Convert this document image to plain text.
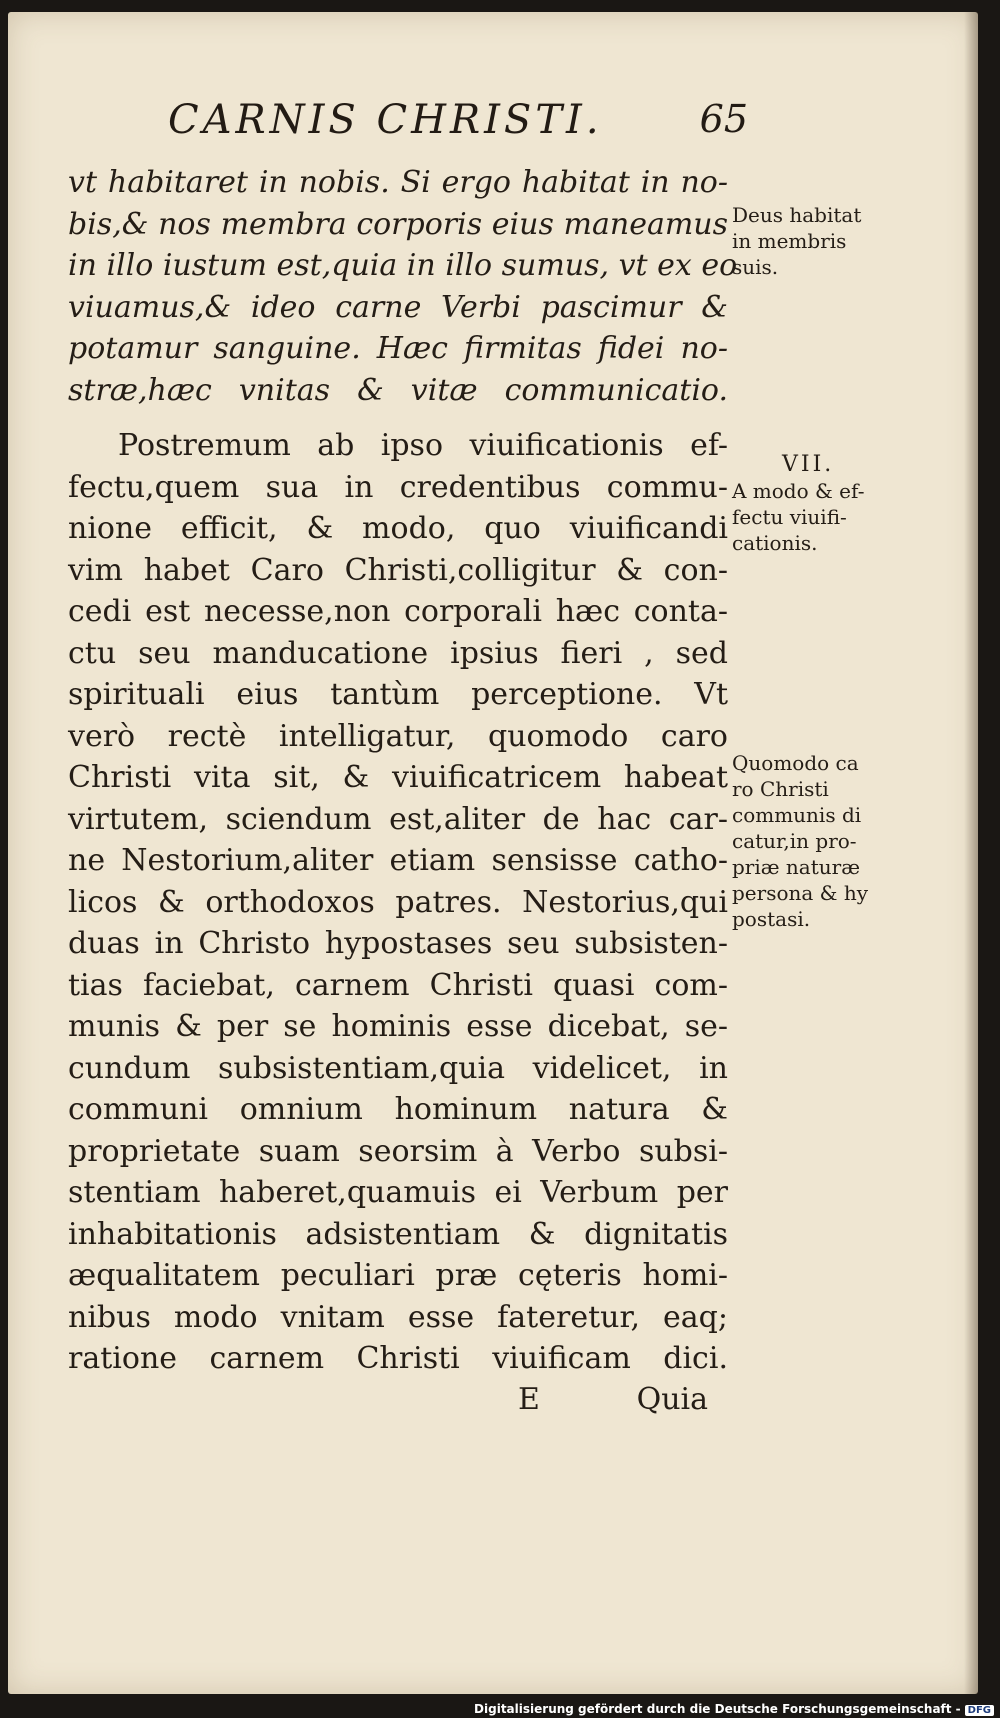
CARNIS CHRISTI.	65
vt habitaret in nobis. Si ergo habitat in no-
bis,& nos membra corporis eius maneamus
in illo iustum est,quia in illo sumus, vt ex eo
viuamus,& ideo carne Verbi pascimur &
potamur sanguine. Hæc firmitas fidei no-
stræ,hæc vnitas & vitæ communicatio.
Postremum ab ipso viuificationis ef-
fectu,quem sua in credentibus commu-
nione efficit, & modo, quo viuificandi
vim habet Caro Christi,colligitur & con-
cedi est necesse,non corporali hæc conta-
ctu seu manducatione ipsius fieri , sed
spirituali eius tantùm perceptione. Vt
verò rectè intelligatur, quomodo caro
Christi vita sit, & viuificatricem habeat
virtutem, sciendum est,aliter de hac car-
ne Nestorium,aliter etiam sensisse catho-
licos & orthodoxos patres. Nestorius,qui
duas in Christo hypostases seu subsisten-
tias faciebat, carnem Christi quasi com-
munis & per se hominis esse dicebat, se-
cundum subsistentiam,quia videlicet, in
communi omnium hominum natura &
proprietate suam seorsim à Verbo subsi-
stentiam haberet,quamuis ei Verbum per
inhabitationis adsistentiam & dignitatis
æqualitatem peculiari præ cęteris homi-
nibus modo vnitam esse fateretur, eaq;
ratione carnem Christi viuificam dici.
E	Quia
Deus habitat
in membris
suis.
VII.
A modo & ef-
fectu viuifi-
cationis.
Quomodo ca
ro Christi
communis di
catur,in pro-
priæ naturæ
persona & hy
postasi.
Digitalisierung gefördert durch die Deutsche Forschungsgemeinschaft - DFG
